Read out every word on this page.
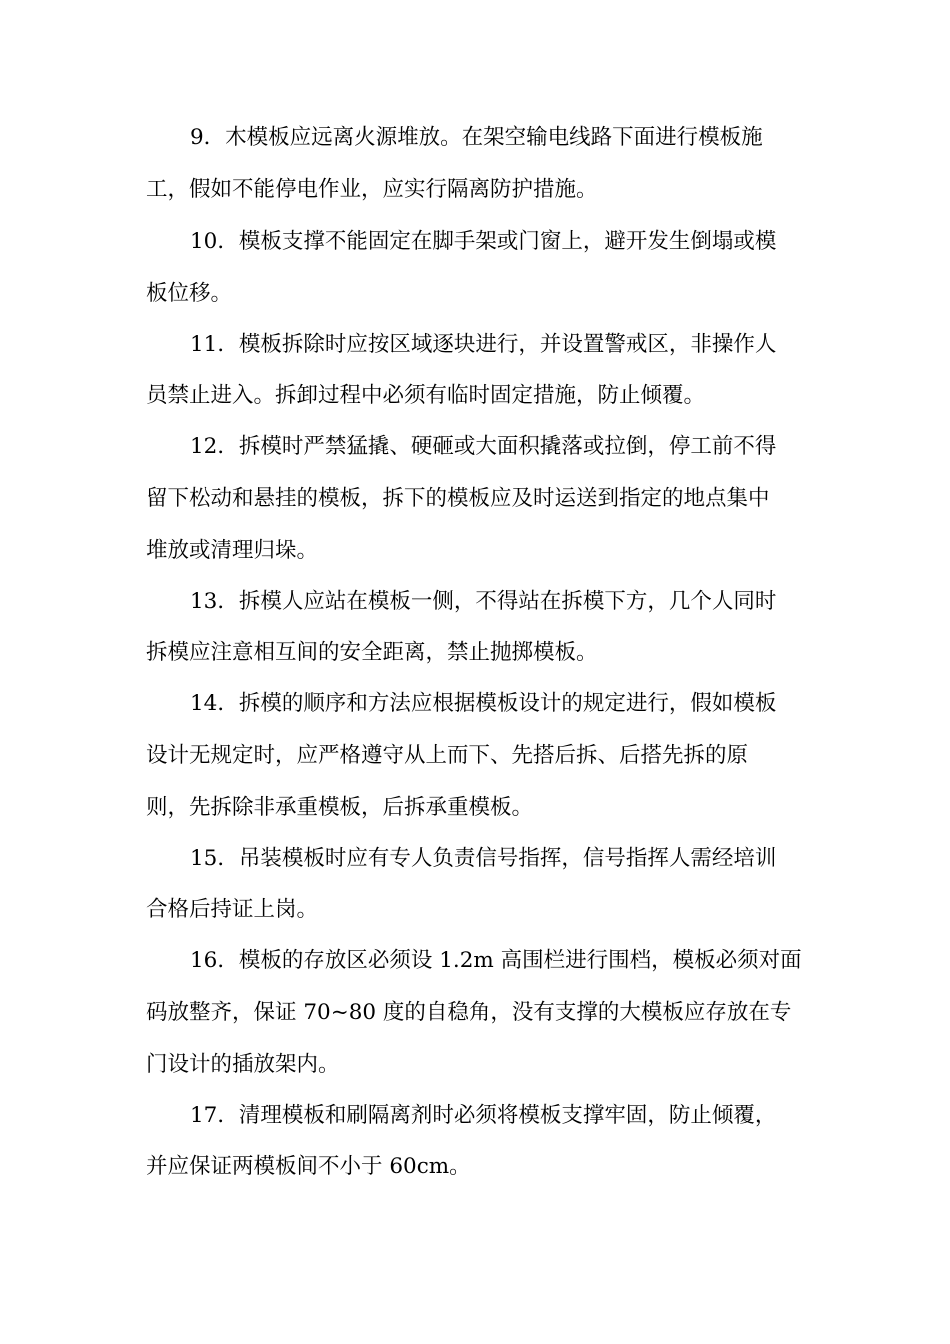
9．木模板应远离火源堆放。在架空输电线路下面进行模板施

工，假如不能停电作业，应实行隔离防护措施。

10．模板支撑不能固定在脚手架或门窗上，避开发生倒塌或模

板位移。

11．模板拆除时应按区域逐块进行，并设置警戒区，非操作人

员禁止进入。拆卸过程中必须有临时固定措施，防止倾覆。

12．拆模时严禁猛撬、硬砸或大面积撬落或拉倒，停工前不得

留下松动和悬挂的模板，拆下的模板应及时运送到指定的地点集中

堆放或清理归垛。

13．拆模人应站在模板一侧，不得站在拆模下方，几个人同时

拆模应注意相互间的安全距离，禁止抛掷模板。

14．拆模的顺序和方法应根据模板设计的规定进行，假如模板

设计无规定时，应严格遵守从上而下、先搭后拆、后搭先拆的原

则，先拆除非承重模板，后拆承重模板。

15．吊装模板时应有专人负责信号指挥，信号指挥人需经培训

合格后持证上岗。

16．模板的存放区必须设 1.2m 高围栏进行围档，模板必须对面

码放整齐，保证 70~80 度的自稳角，没有支撑的大模板应存放在专

门设计的插放架内。

17．清理模板和刷隔离剂时必须将模板支撑牢固，防止倾覆，

并应保证两模板间不小于 60cm。
